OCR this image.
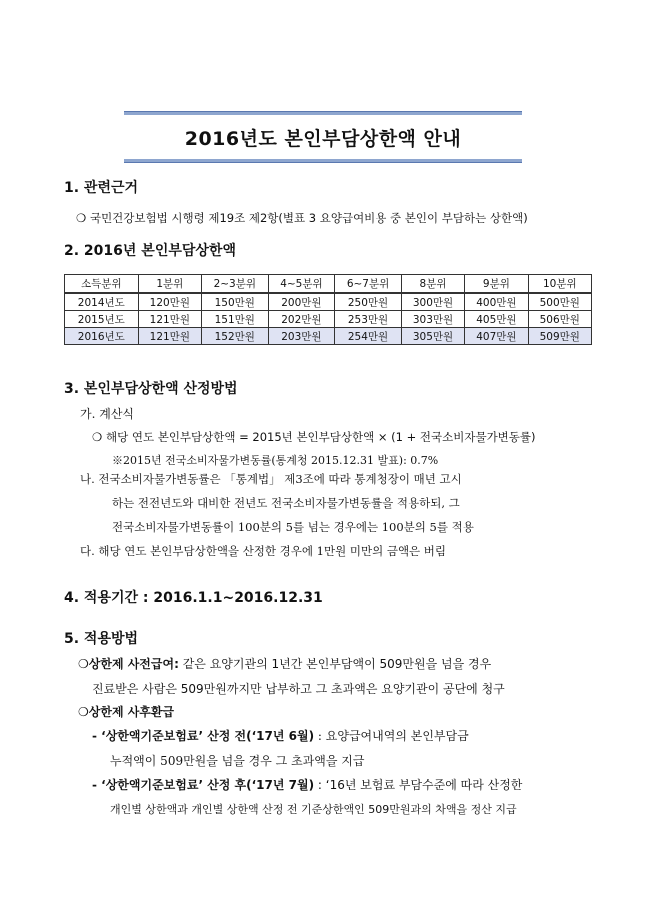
2016년도 본인부담상한액 안내
1. 관련근거
❍ 국민건강보험법 시행령 제19조 제2항(별표 3 요양급여비용 중 본인이 부담하는 상한액)
2. 2016년 본인부담상한액
소득분위	1분위	2~3분위	4~5분위	6~7분위	8분위	9분위	10분위
2014년도	120만원	150만원	200만원	250만원	300만원	400만원	500만원
2015년도	121만원	151만원	202만원	253만원	303만원	405만원	506만원
2016년도	121만원	152만원	203만원	254만원	305만원	407만원	509만원
3. 본인부담상한액 산정방법
가. 계산식
❍ 해당 연도 본인부담상한액 = 2015년 본인부담상한액 × (1 + 전국소비자물가변동률)
※2015년 전국소비자물가변동률(통계청 2015.12.31 발표): 0.7%
나. 전국소비자물가변동률은 「통계법」 제3조에 따라 통계청장이 매년 고시
하는 전전년도와 대비한 전년도 전국소비자물가변동률을 적용하되, 그
전국소비자물가변동률이 100분의 5를 넘는 경우에는 100분의 5를 적용
다. 해당 연도 본인부담상한액을 산정한 경우에 1만원 미만의 금액은 버림
4. 적용기간 : 2016.1.1~2016.12.31
5. 적용방법
❍상한제 사전급여: 같은 요양기관의 1년간 본인부담액이 509만원을 넘을 경우
진료받은 사람은 509만원까지만 납부하고 그 초과액은 요양기관이 공단에 청구
❍상한제 사후환급
- ‘상한액기준보험료’ 산정 전(‘17년 6월) : 요양급여내역의 본인부담금
누적액이 509만원을 넘을 경우 그 초과액을 지급
- ‘상한액기준보험료’ 산정 후(‘17년 7월) : ‘16년 보험료 부담수준에 따라 산정한
개인별 상한액과 개인별 상한액 산정 전 기준상한액인 509만원과의 차액을 정산 지급
